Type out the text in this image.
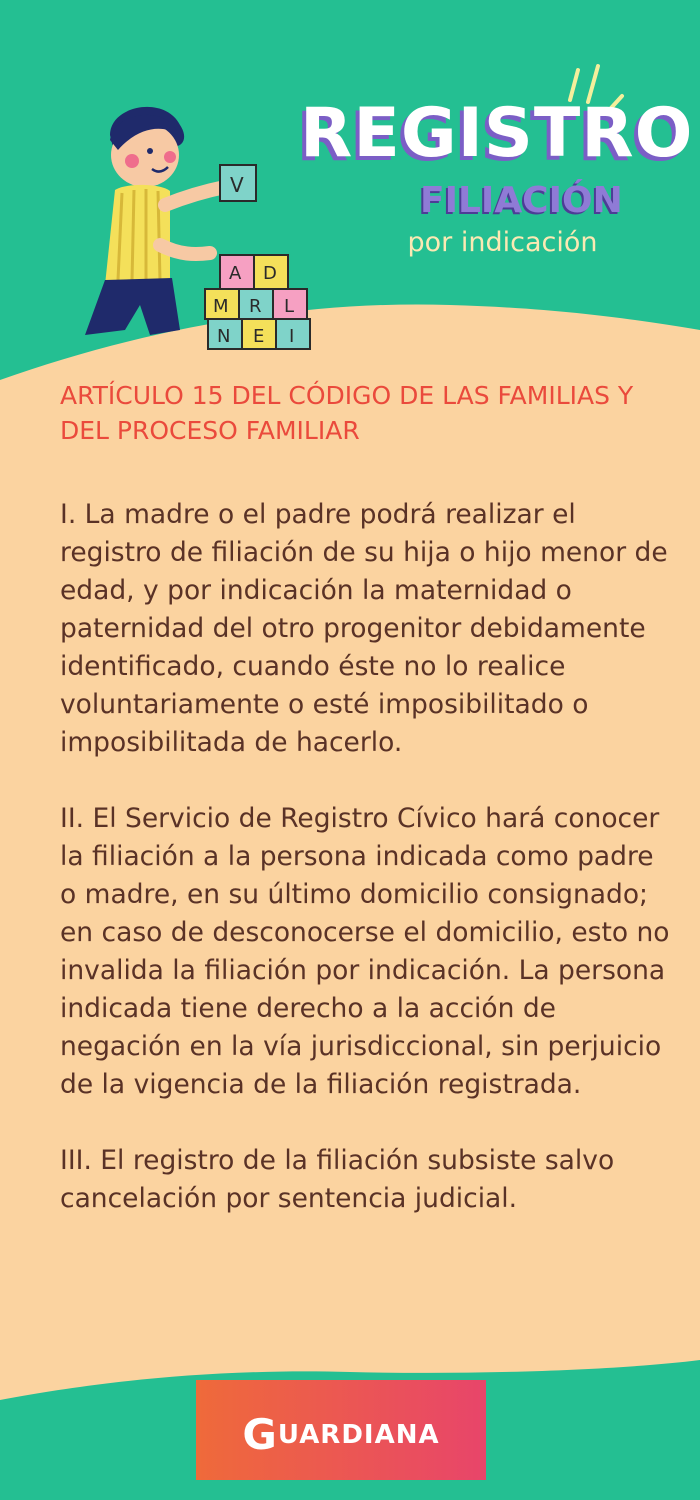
V
A D
M R L
N E I
REGISTRO
FILIACIÓN
por indicación
ARTÍCULO 15 DEL CÓDIGO DE LAS FAMILIAS Y DEL PROCESO FAMILIAR

I. La madre o el padre podrá realizar el registro de filiación de su hija o hijo menor de edad, y por indicación la maternidad o paternidad del otro progenitor debidamente identificado, cuando éste no lo realice voluntariamente o esté imposibilitado o imposibilitada de hacerlo.

II. El Servicio de Registro Cívico hará conocer la filiación a la persona indicada como padre o madre, en su último domicilio consignado; en caso de desconocerse el domicilio, esto no invalida la filiación por indicación. La persona indicada tiene derecho a la acción de negación en la vía jurisdiccional, sin perjuicio de la vigencia de la filiación registrada.

III. El registro de la filiación subsiste salvo cancelación por sentencia judicial.

GUARDIANA
